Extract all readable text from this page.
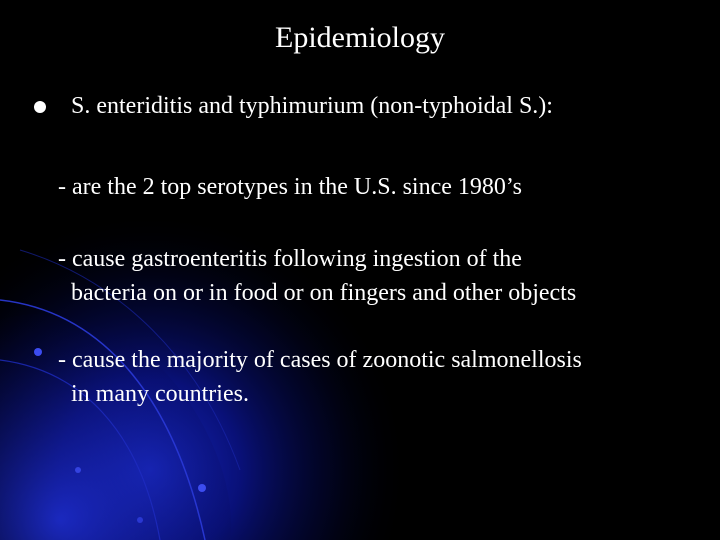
Epidemiology
S. enteriditis and typhimurium (non-typhoidal S.):
- are the 2 top serotypes in the U.S. since 1980’s
- cause gastroenteritis following ingestion of the
bacteria on or in food or on fingers and other objects
- cause the majority of cases of zoonotic salmonellosis
in many countries.
